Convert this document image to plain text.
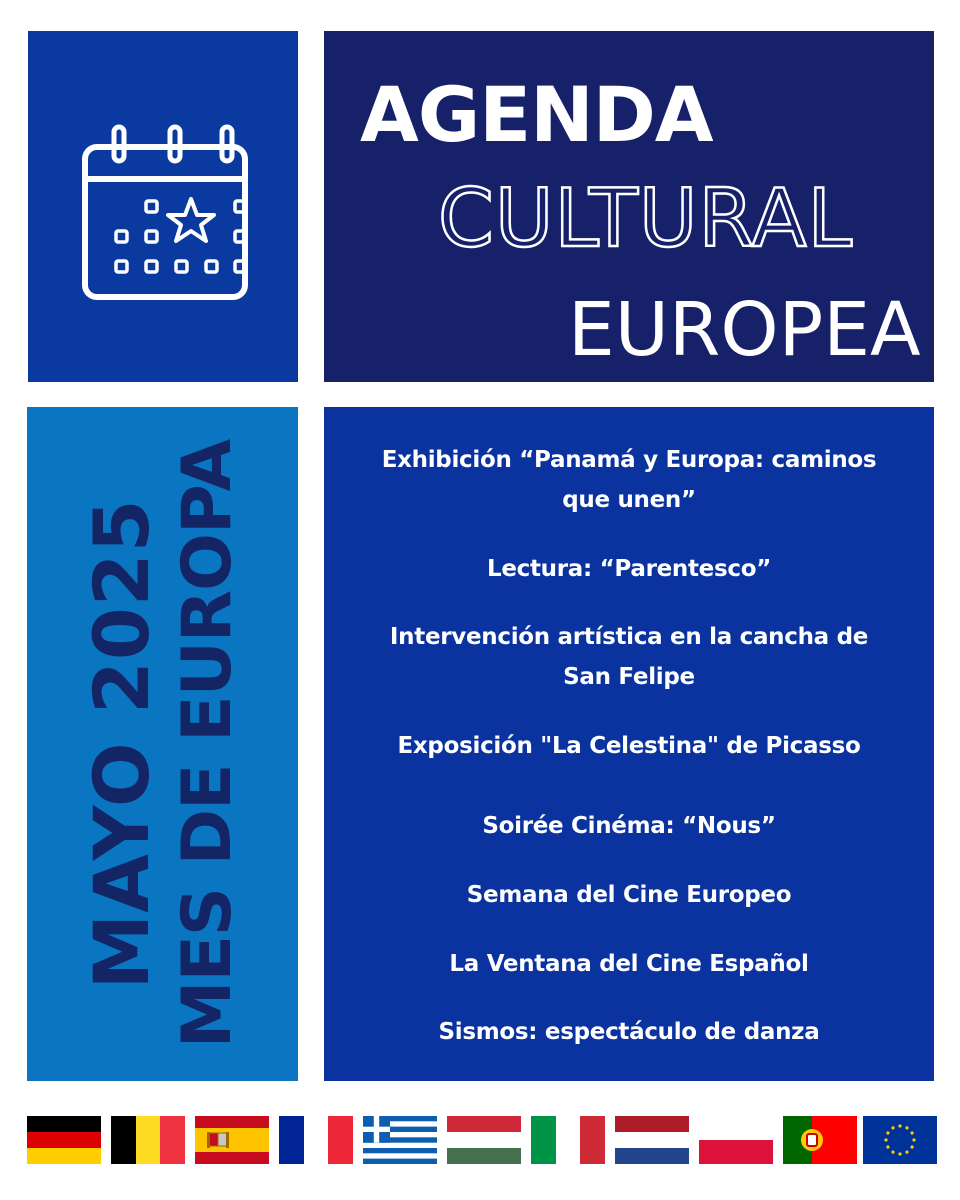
AGENDA
CULTURAL
EUROPEA
MAYO 2025 MES DE EUROPA	Exhibición “Panamá y Europa: caminos
que unen”
Lectura: “Parentesco”
Intervención artística en la cancha de
San Felipe
Exposición "La Celestina" de Picasso
Soirée Cinéma: “Nous”
Semana del Cine Europeo
La Ventana del Cine Español
Sismos: espectáculo de danza
